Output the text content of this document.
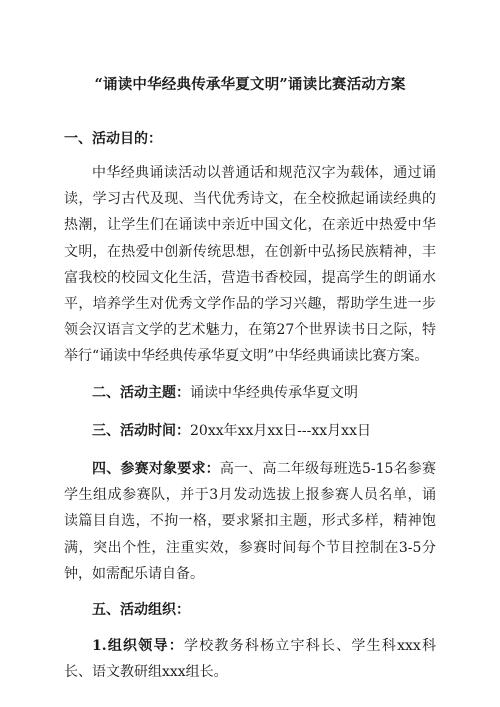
“诵读中华经典传承华夏文明”诵读比赛活动方案
一、活动目的：
中华经典诵读活动以普通话和规范汉字为载体，通过诵读，学习古代及现、当代优秀诗文，在全校掀起诵读经典的热潮，让学生们在诵读中亲近中国文化，在亲近中热爱中华文明，在热爱中创新传统思想，在创新中弘扬民族精神，丰富我校的校园文化生活，营造书香校园，提高学生的朗诵水平，培养学生对优秀文学作品的学习兴趣，帮助学生进一步领会汉语言文学的艺术魅力，在第27个世界读书日之际，特举行“诵读中华经典传承华夏文明”中华经典诵读比赛方案。
二、活动主题：诵读中华经典传承华夏文明
三、活动时间：20xx年xx月xx日---xx月xx日
四、参赛对象要求：高一、高二年级每班选5-15名参赛学生组成参赛队，并于3月发动选拔上报参赛人员名单，诵读篇目自选，不拘一格，要求紧扣主题，形式多样，精神饱满，突出个性，注重实效，参赛时间每个节目控制在3-5分钟，如需配乐请自备。
五、活动组织：
1.组织领导：学校教务科杨立宇科长、学生科xxx科长、语文教研组xxx组长。
